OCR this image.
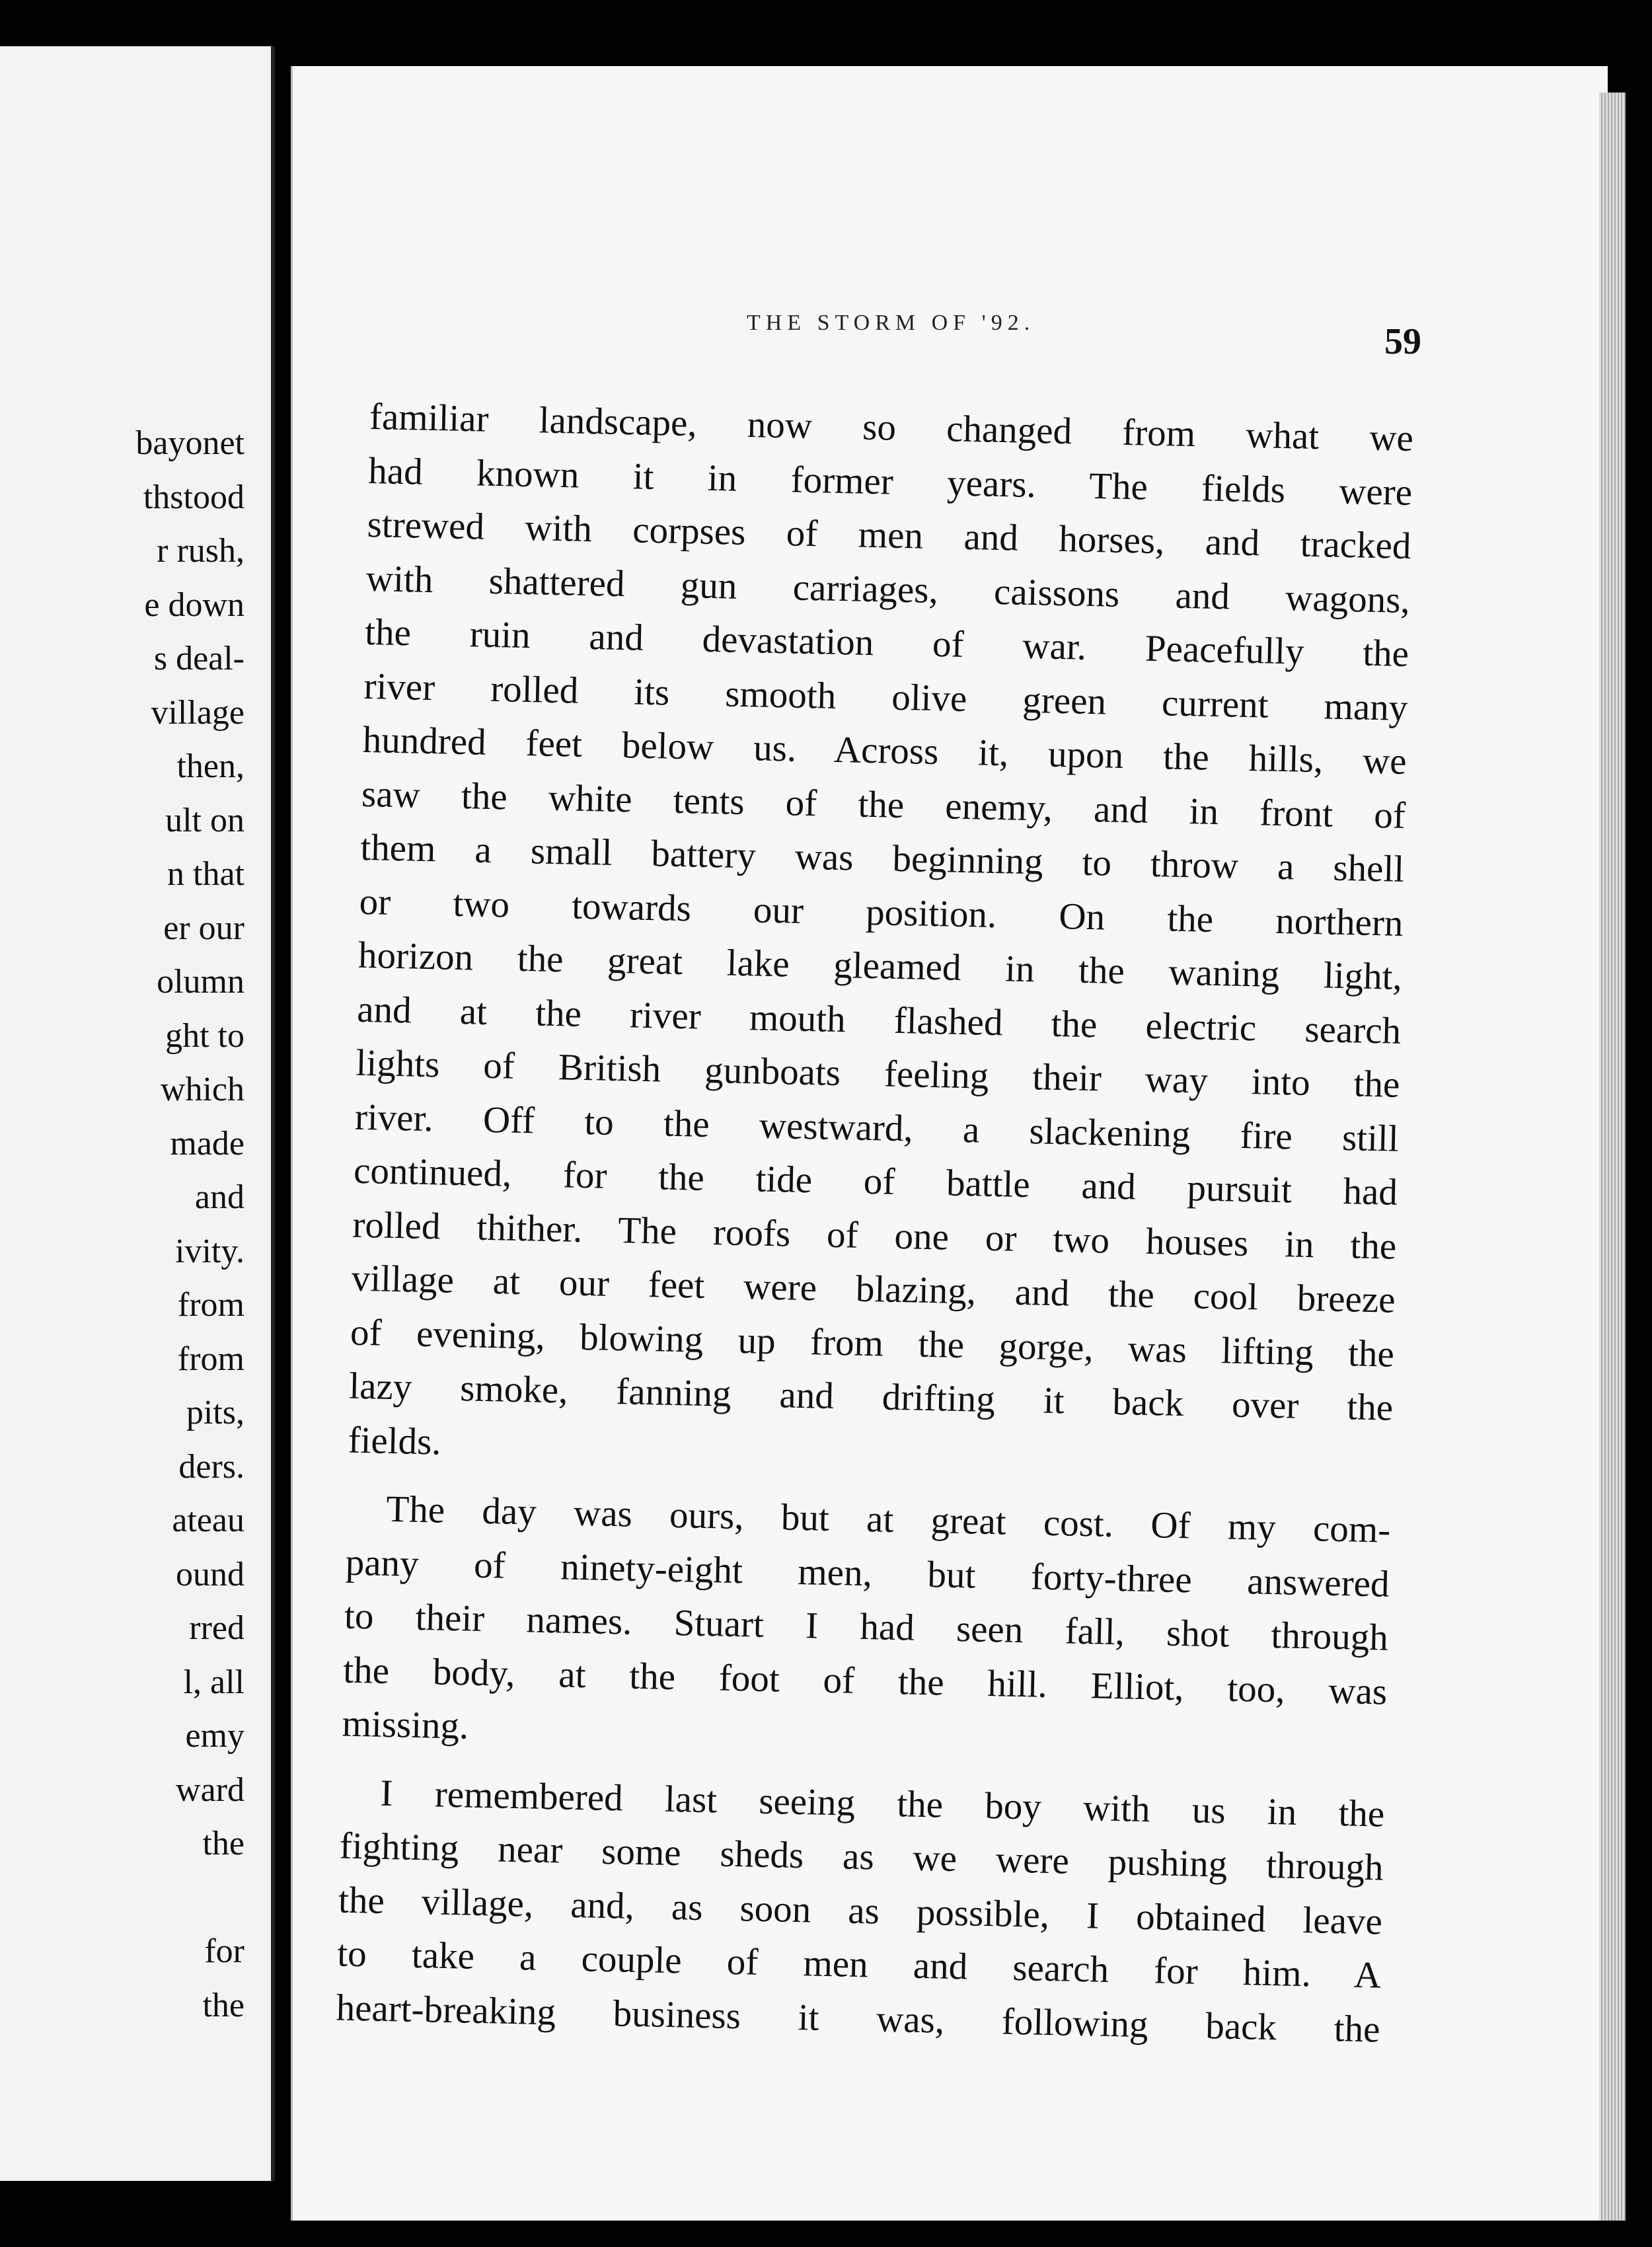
bayonet
thstood
r rush,
e down
s deal-
village
then,
ult on
n that
er our
olumn
ght to
which
made
and
ivity.
from
from
pits,
ders.
ateau
ound
rred
l, all
emy
ward
the

for
the
THE STORM OF '92.	59
familiar landscape, now so changed from what we
had known it in former years. The fields were
strewed with corpses of men and horses, and tracked
with shattered gun carriages, caissons and wagons,
the ruin and devastation of war. Peacefully the
river rolled its smooth olive green current many
hundred feet below us. Across it, upon the hills, we
saw the white tents of the enemy, and in front of
them a small battery was beginning to throw a shell
or two towards our position. On the northern
horizon the great lake gleamed in the waning light,
and at the river mouth flashed the electric search
lights of British gunboats feeling their way into the
river. Off to the westward, a slackening fire still
continued, for the tide of battle and pursuit had
rolled thither. The roofs of one or two houses in the
village at our feet were blazing, and the cool breeze
of evening, blowing up from the gorge, was lifting the
lazy smoke, fanning and drifting it back over the
fields.
The day was ours, but at great cost. Of my com-
pany of ninety-eight men, but forty-three answered
to their names. Stuart I had seen fall, shot through
the body, at the foot of the hill. Elliot, too, was
missing.
I remembered last seeing the boy with us in the
fighting near some sheds as we were pushing through
the village, and, as soon as possible, I obtained leave
to take a couple of men and search for him. A
heart-breaking business it was, following back the
